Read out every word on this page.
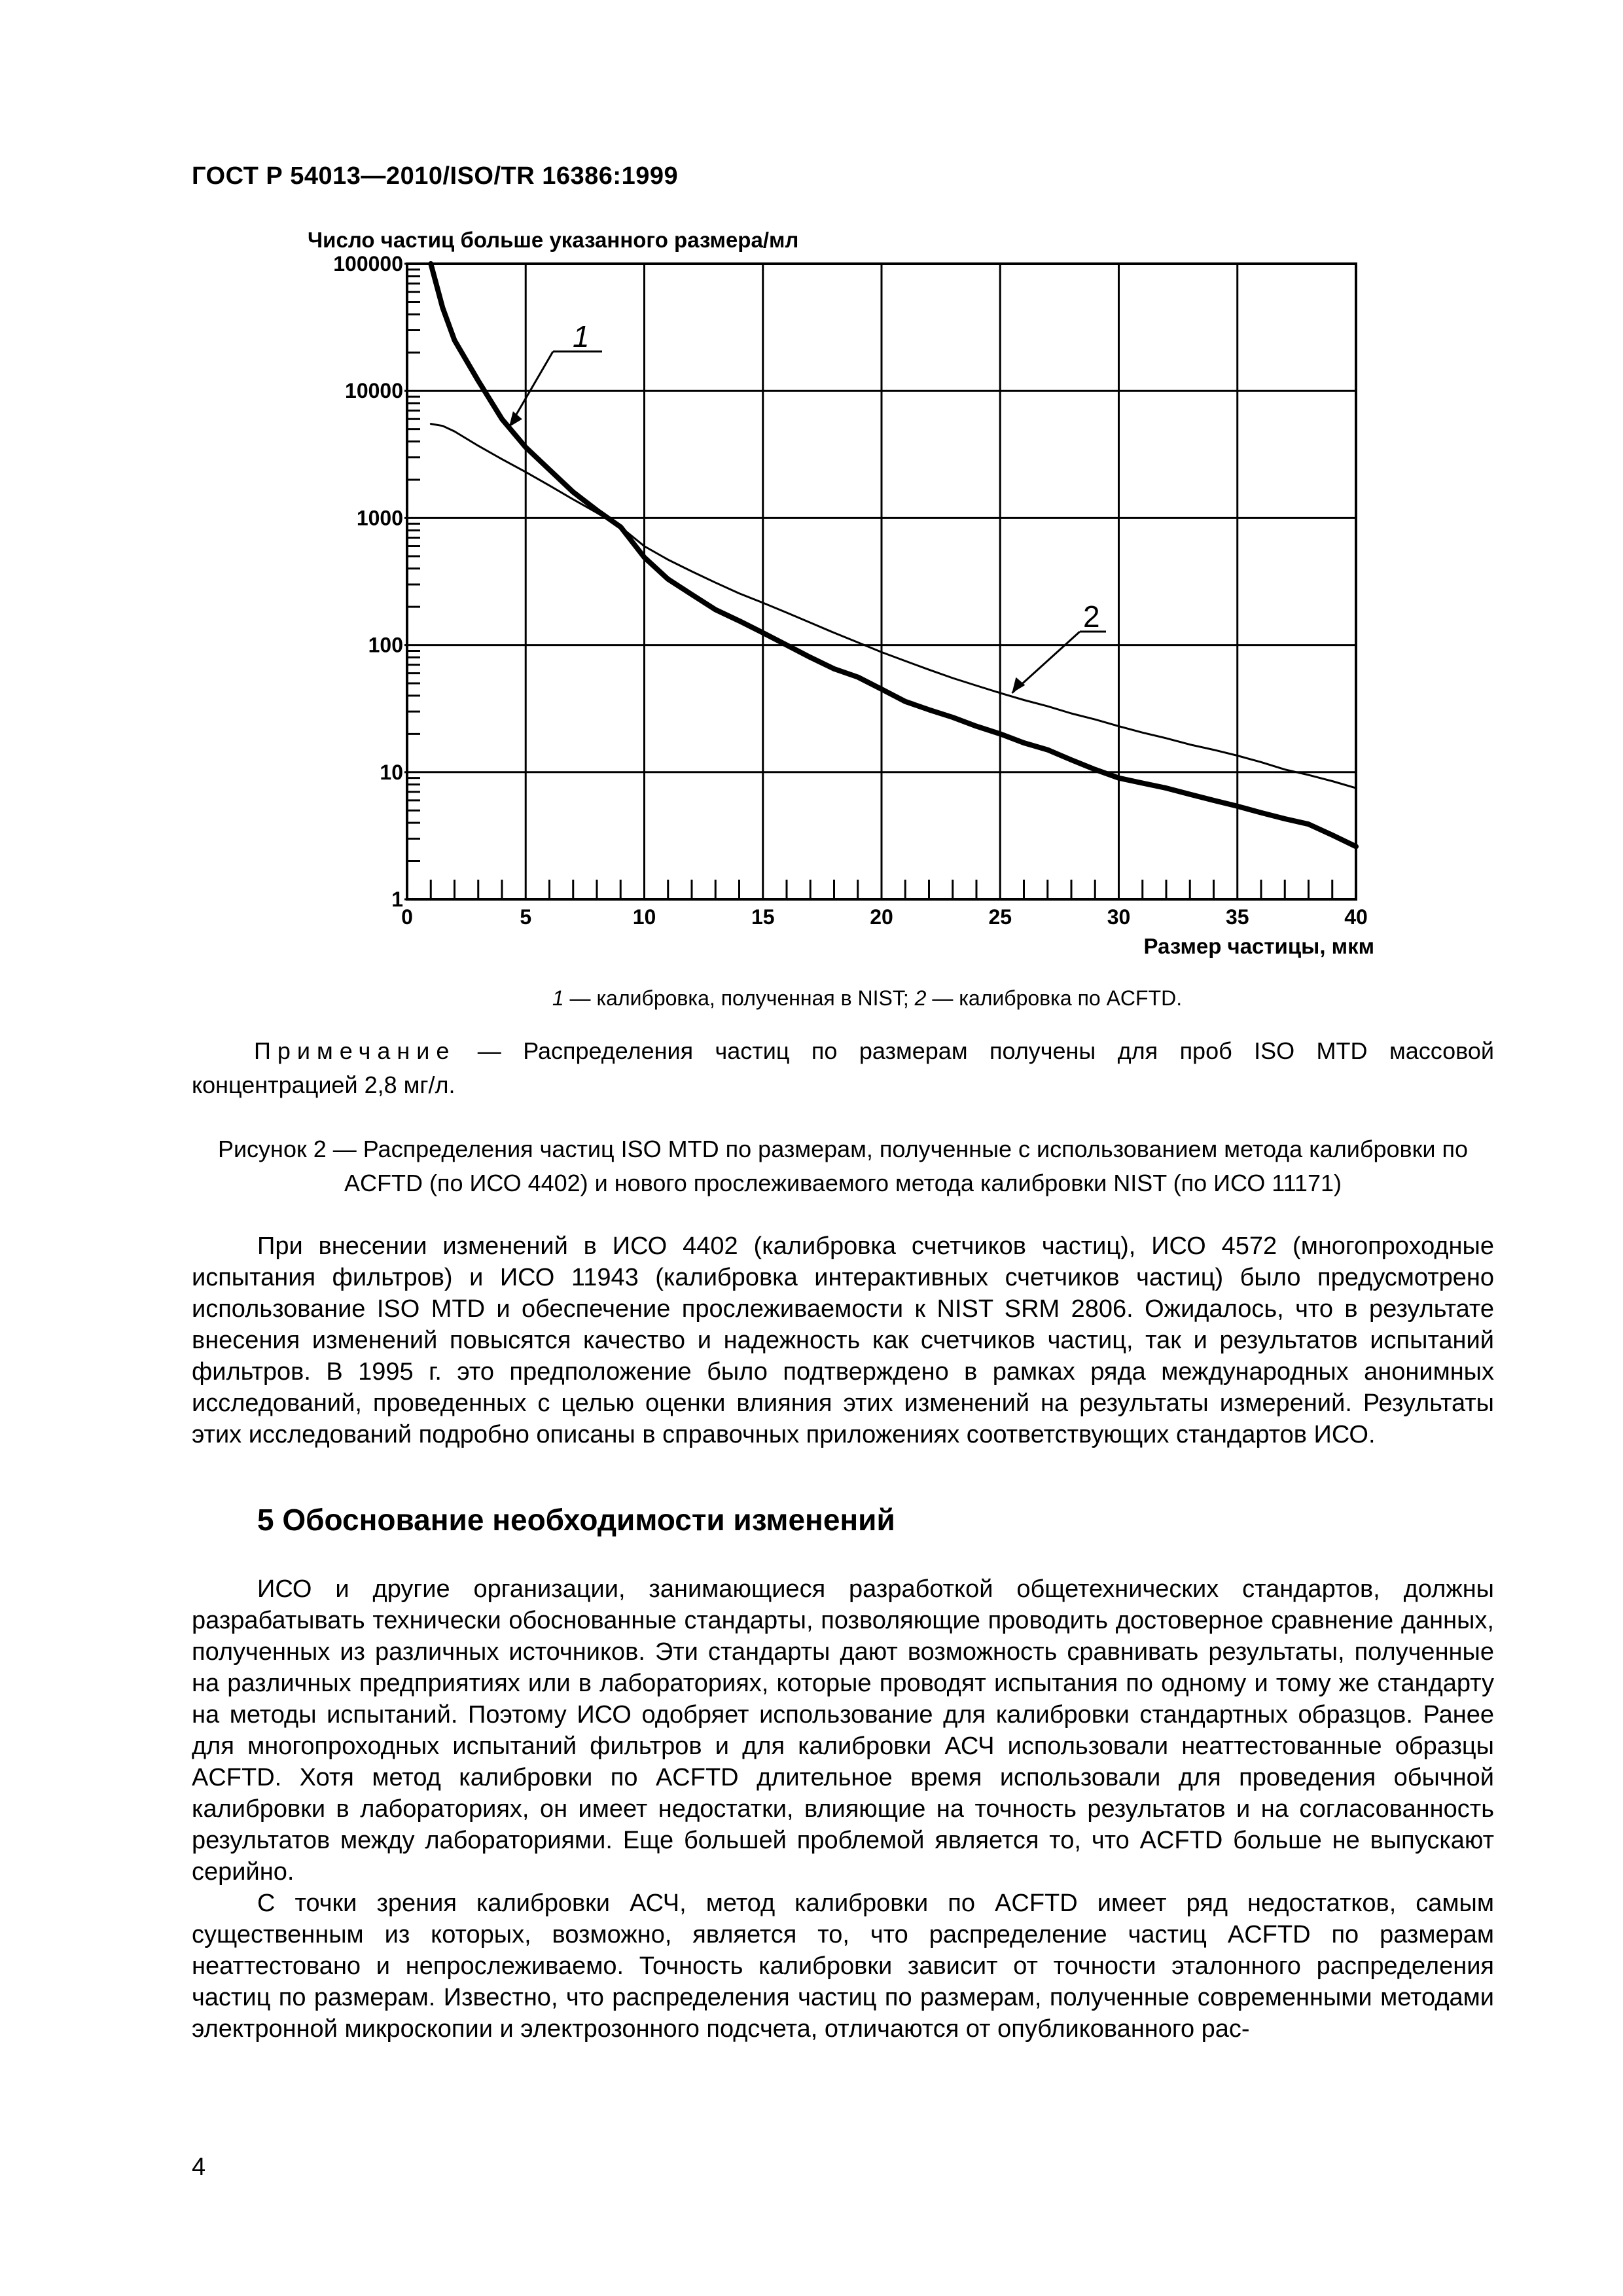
ГОСТ Р 54013—2010/ISO/TR 16386:1999
Число частиц больше указанного размера/мл
Размер частицы, мкм
100000
10000
1000
100
10
1
0	5	10	15	20	25	30	35	40
1
2
1 — калибровка, полученная в NIST; 2 — калибровка по ACFTD.
Примечание — Распределения частиц по размерам получены для проб ISO MTD массовой концентрацией 2,8 мг/л.
Рисунок 2 — Распределения частиц ISO MTD по размерам, полученные с использованием метода калибровки по ACFTD (по ИСО 4402) и нового прослеживаемого метода калибровки NIST (по ИСО 11171)
При внесении изменений в ИСО 4402 (калибровка счетчиков частиц), ИСО 4572 (многопроходные испытания фильтров) и ИСО 11943 (калибровка интерактивных счетчиков частиц) было предусмотрено использование ISO MTD и обеспечение прослеживаемости к NIST SRM 2806. Ожидалось, что в результате внесения изменений повысятся качество и надежность как счетчиков частиц, так и результатов испытаний фильтров. В 1995 г. это предположение было подтверждено в рамках ряда международных анонимных исследований, проведенных с целью оценки влияния этих изменений на результаты измерений. Результаты этих исследований подробно описаны в справочных приложениях соответствующих стандартов ИСО.
5 Обоснование необходимости изменений
ИСО и другие организации, занимающиеся разработкой общетехнических стандартов, должны разрабатывать технически обоснованные стандарты, позволяющие проводить достоверное сравнение данных, полученных из различных источников. Эти стандарты дают возможность сравнивать результаты, полученные на различных предприятиях или в лабораториях, которые проводят испытания по одному и тому же стандарту на методы испытаний. Поэтому ИСО одобряет использование для калибровки стандартных образцов. Ранее для многопроходных испытаний фильтров и для калибровки АСЧ использовали неаттестованные образцы ACFTD. Хотя метод калибровки по ACFTD длительное время использовали для проведения обычной калибровки в лабораториях, он имеет недостатки, влияющие на точность результатов и на согласованность результатов между лабораториями. Еще большей проблемой является то, что ACFTD больше не выпускают серийно.
С точки зрения калибровки АСЧ, метод калибровки по ACFTD имеет ряд недостатков, самым существенным из которых, возможно, является то, что распределение частиц ACFTD по размерам неаттестовано и непрослеживаемо. Точность калибровки зависит от точности эталонного распределения частиц по размерам. Известно, что распределения частиц по размерам, полученные современными методами электронной микроскопии и электрозонного подсчета, отличаются от опубликованного рас-
4
